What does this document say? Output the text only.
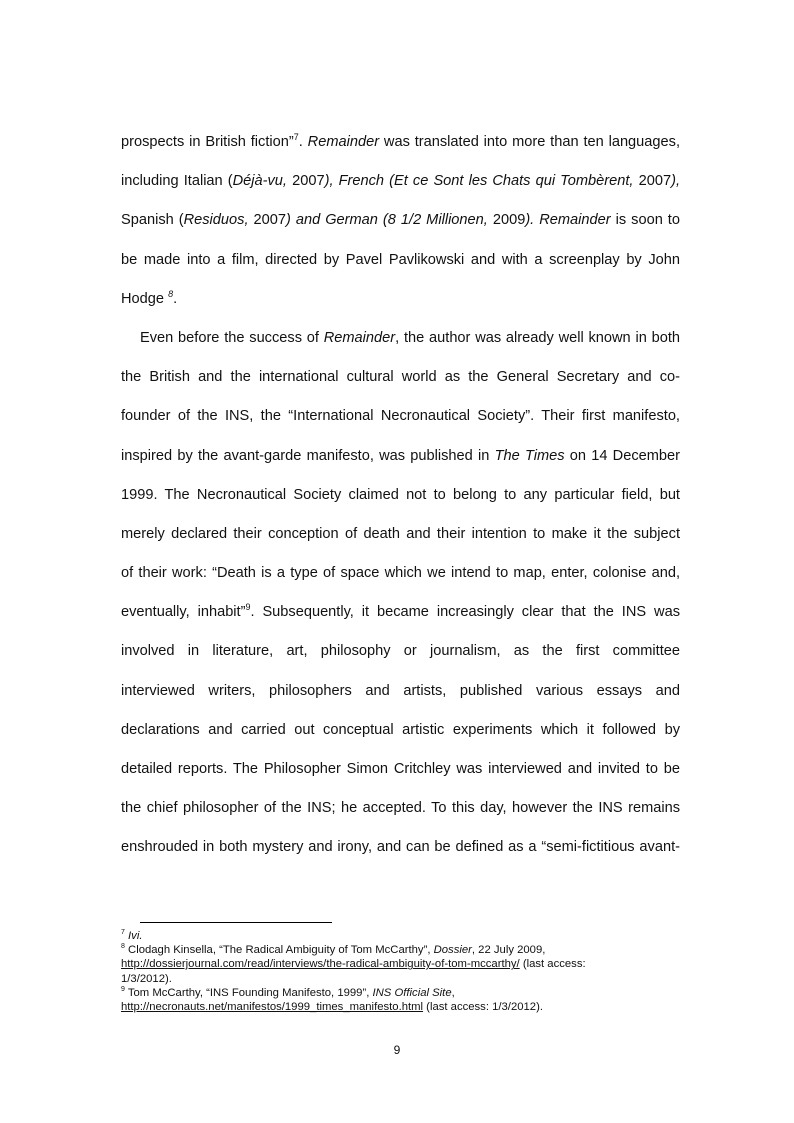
prospects in British fiction”$^7$. Remainder was translated into more than ten languages,
including Italian (Déjà-vu, 2007), French (Et ce Sont les Chats qui Tombèrent, 2007),
Spanish (Residuos, 2007) and German (8 1/2 Millionen, 2009). Remainder is soon to
be made into a film, directed by Pavel Pavlikowski and with a screenplay by John
Hodge $^8$.
Even before the success of Remainder, the author was already well known in both
the British and the international cultural world as the General Secretary and co-
founder of the INS, the “International Necronautical Society”. Their first manifesto,
inspired by the avant-garde manifesto, was published in The Times on 14 December
1999. The Necronautical Society claimed not to belong to any particular field, but
merely declared their conception of death and their intention to make it the subject
of their work: “Death is a type of space which we intend to map, enter, colonise and,
eventually, inhabit”$^9$. Subsequently, it became increasingly clear that the INS was
involved in literature, art, philosophy or journalism, as the first committee
interviewed writers, philosophers and artists, published various essays and
declarations and carried out conceptual artistic experiments which it followed by
detailed reports. The Philosopher Simon Critchley was interviewed and invited to be
the chief philosopher of the INS; he accepted. To this day, however the INS remains
enshrouded in both mystery and irony, and can be defined as a “semi-fictitious avant-
$^7$ Ivi.
$^8$ Clodagh Kinsella, “The Radical Ambiguity of Tom McCarthy”, Dossier, 22 July 2009,
http://dossierjournal.com/read/interviews/the-radical-ambiguity-of-tom-mccarthy/ (last access:
1/3/2012).
$^9$ Tom McCarthy, “INS Founding Manifesto, 1999”, INS Official Site,
http://necronauts.net/manifestos/1999_times_manifesto.html (last access: 1/3/2012).
9
